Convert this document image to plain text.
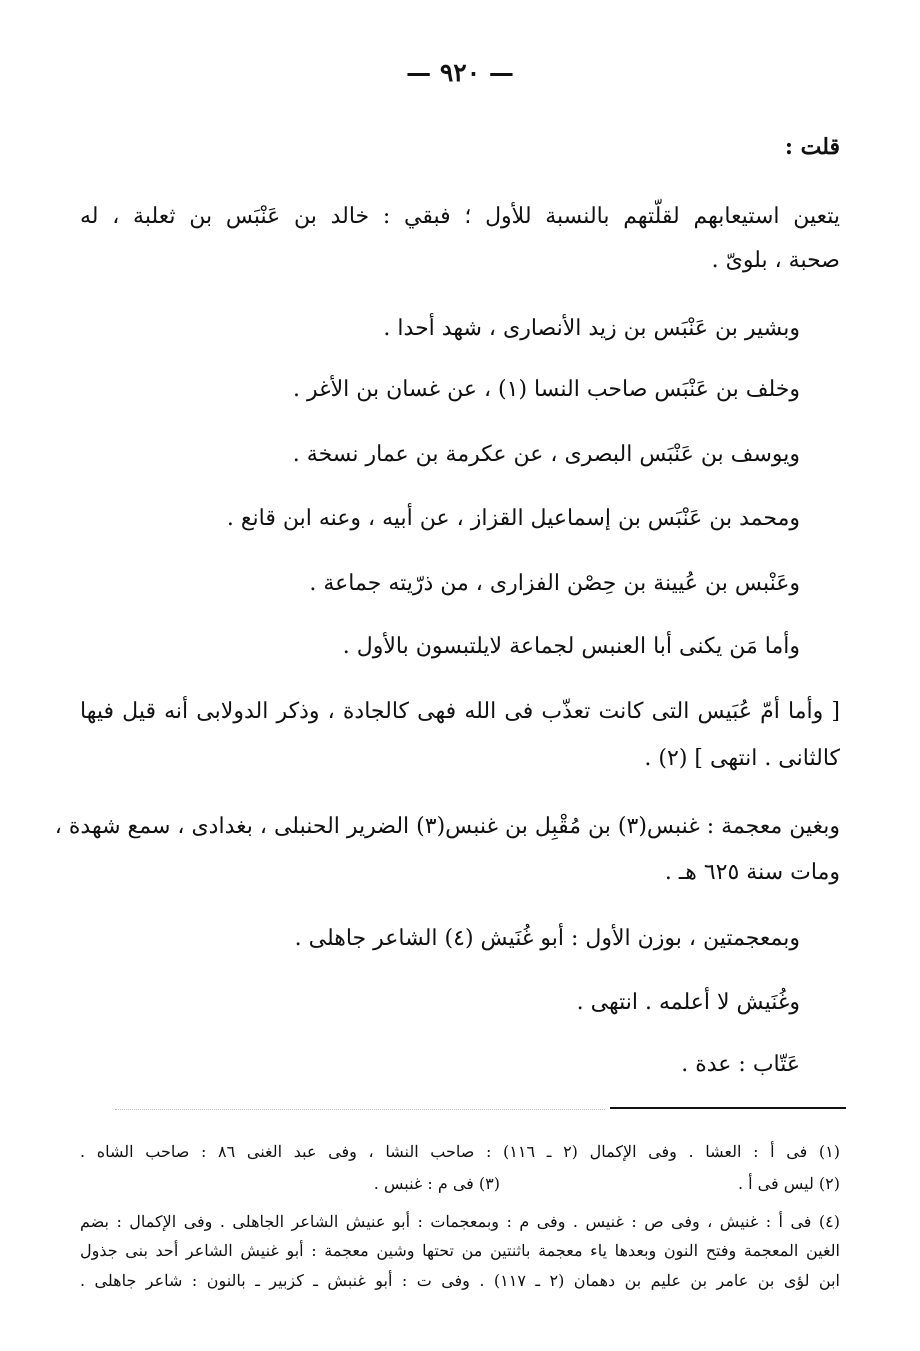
— ٩٢٠ —
قلت :
يتعين استيعابهم لقلّتهم بالنسبة للأول ؛ فبقي : خالد بن عَنْبَس بن ثعلبة ، له
صحبة ، بلوىّ .
وبشير بن عَنْبَس بن زيد الأنصارى ، شهد أحدا .
وخلف بن عَنْبَس صاحب النسا (١) ، عن غسان بن الأغر .
ويوسف بن عَنْبَس البصرى ، عن عكرمة بن عمار نسخة .
ومحمد بن عَنْبَس بن إسماعيل القزاز ، عن أبيه ، وعنه ابن قانع .
وعَنْبس بن عُيينة بن حِصْن الفزارى ، من ذرّيته جماعة .
وأما مَن يكنى أبا العنبس لجماعة لايلتبسون بالأول .
[ وأما أمّ عُبَيس التى كانت تعذّب فى الله فهى كالجادة ، وذكر الدولابى أنه قيل فيها
كالثانى . انتهى ] (٢) .
وبغين معجمة : غنبس(٣) بن مُقْبِل بن غنبس(٣) الضرير الحنبلى ، بغدادى ، سمع شهدة ،
ومات سنة ٦٢٥ هـ .
وبمعجمتين ، بوزن الأول : أبو غُنَيش (٤) الشاعر جاهلى .
وغُنَيش لا أعلمه . انتهى .
عَتّاب : عدة .
(١) فى أ : العشا . وفى الإكمال (٢ ـ ١١٦) : صاحب النشا ، وفى عبد الغنى ٨٦ : صاحب الشاه .
(٢) ليس فى أ .
(٣) فى م : غنبس .
(٤) فى أ : غنيش ، وفى ص : غنيس . وفى م : وبمعجمات : أبو عنيش الشاعر الجاهلى . وفى الإكمال : بضم
الغين المعجمة وفتح النون وبعدها ياء معجمة باثنتين من تحتها وشين معجمة : أبو غنيش الشاعر أحد بنى جذول
ابن لؤى بن عامر بن عليم بن دهمان (٢ ـ ١١٧) . وفى ت : أبو غنبش ـ كزبير ـ بالنون : شاعر جاهلى .
